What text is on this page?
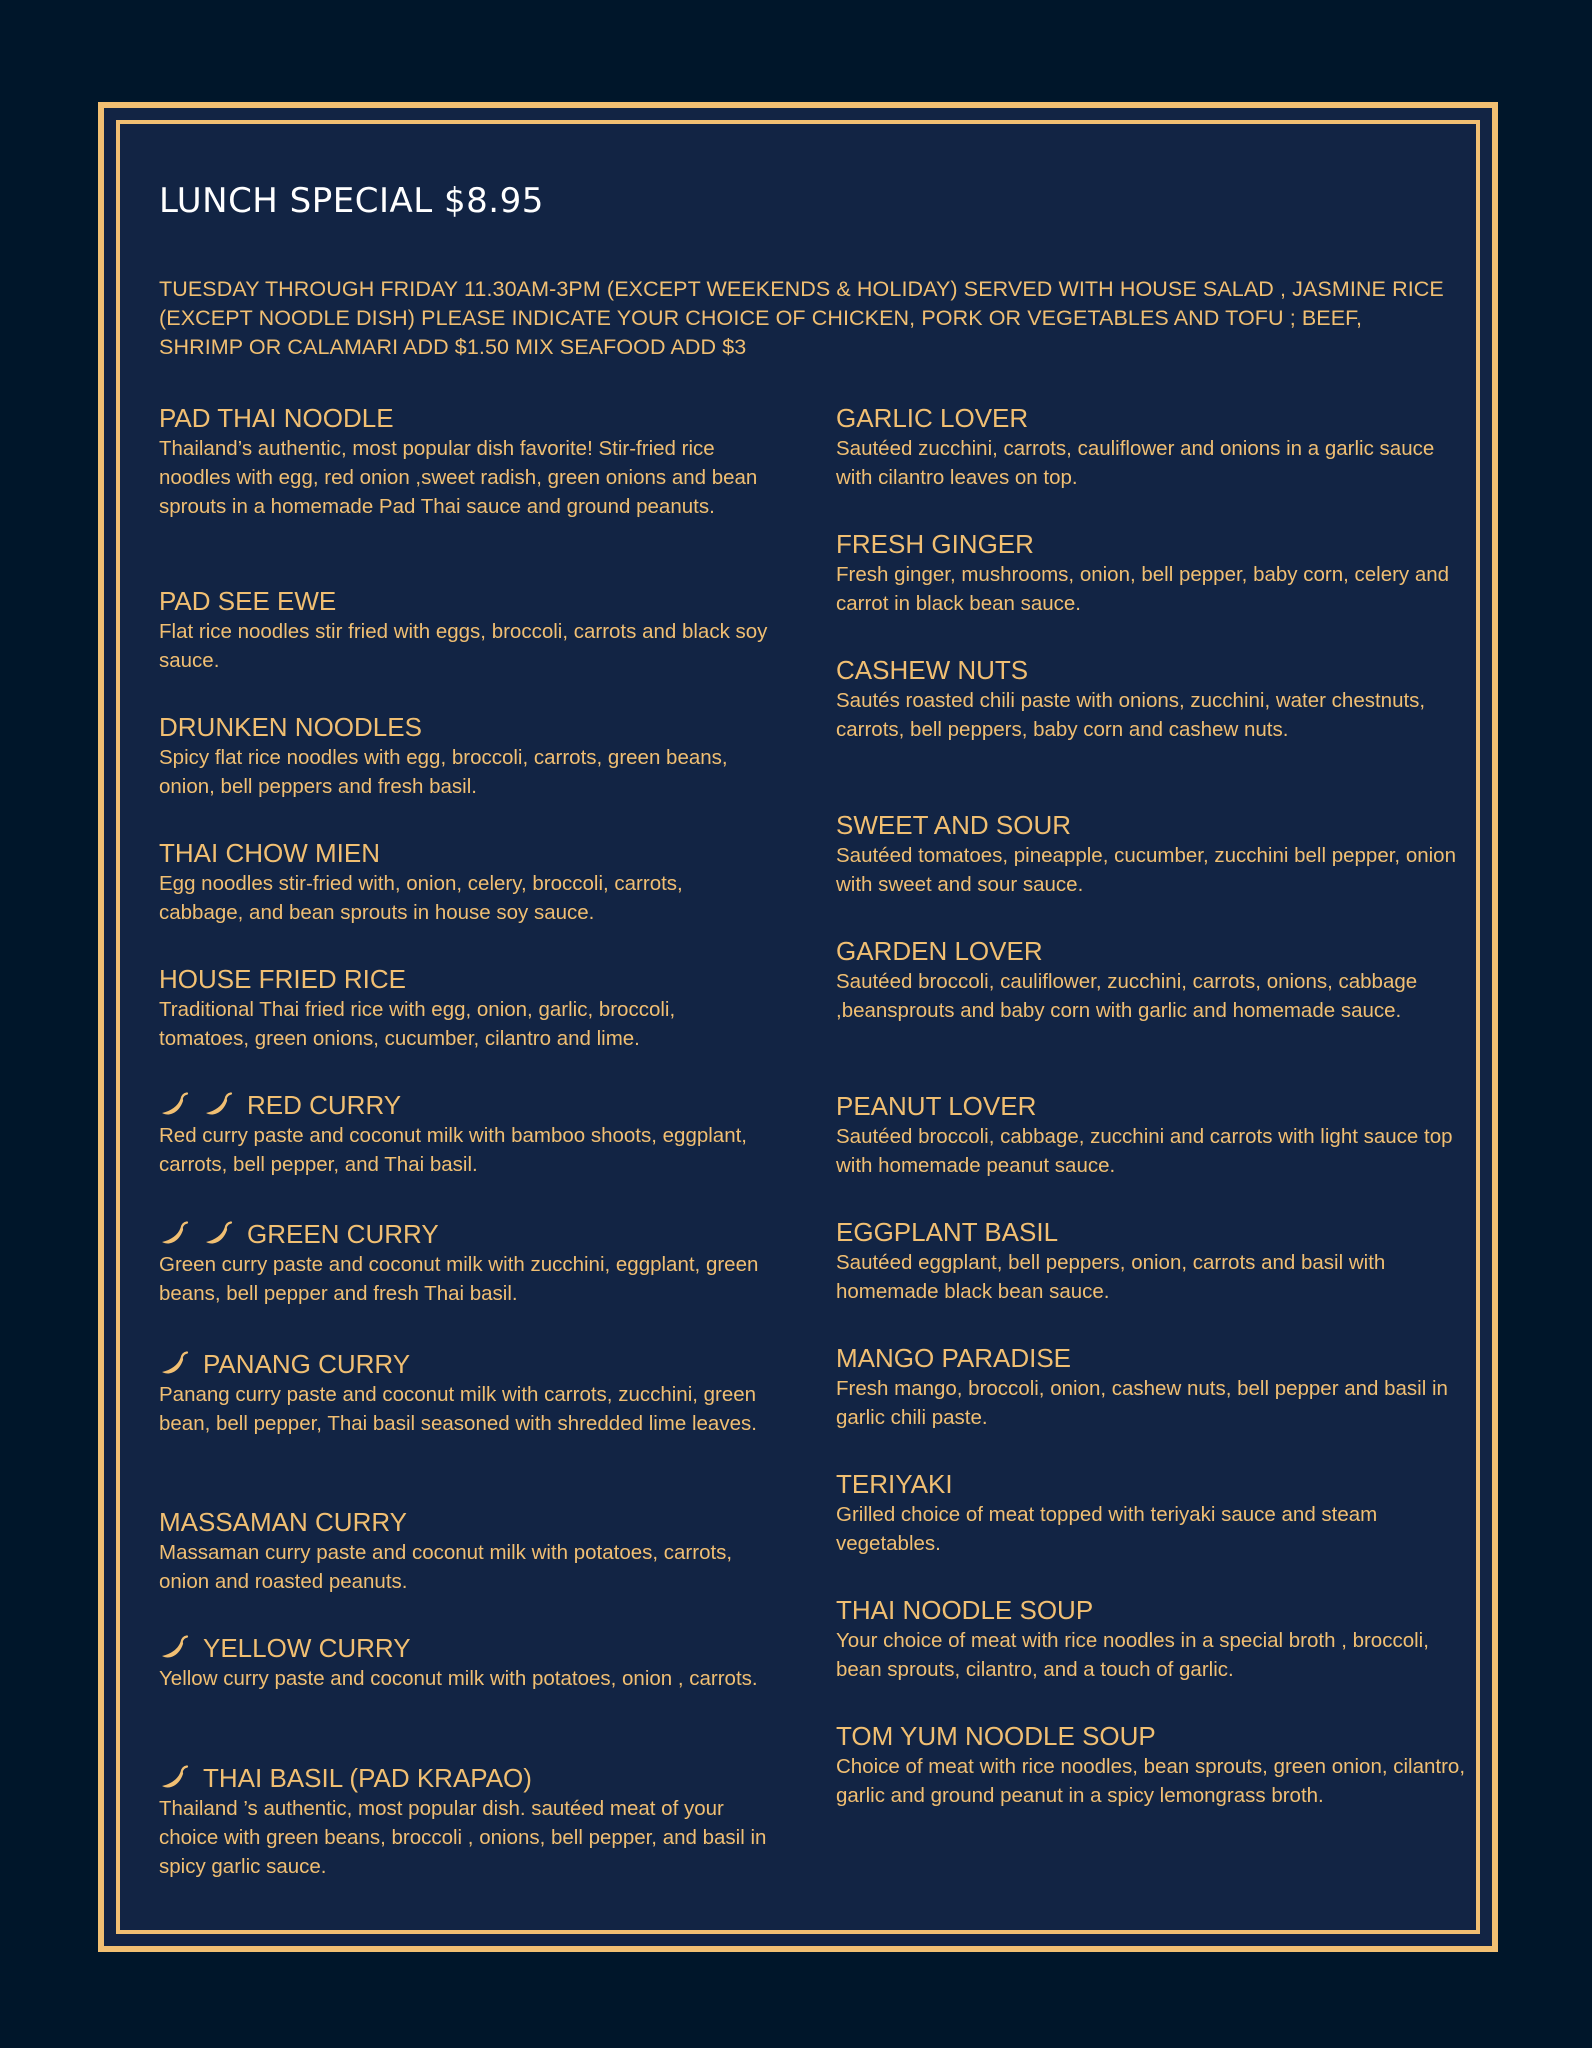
LUNCH SPECIAL $8.95

TUESDAY THROUGH FRIDAY 11.30AM-3PM (EXCEPT WEEKENDS & HOLIDAY) SERVED WITH HOUSE SALAD , JASMINE RICE (EXCEPT NOODLE DISH) PLEASE INDICATE YOUR CHOICE OF CHICKEN, PORK OR VEGETABLES AND TOFU ; BEEF, SHRIMP OR CALAMARI ADD $1.50 MIX SEAFOOD ADD $3

PAD THAI NOODLE
Thailand’s authentic, most popular dish favorite! Stir-fried rice noodles with egg, red onion ,sweet radish, green onions and bean sprouts in a homemade Pad Thai sauce and ground peanuts.
PAD SEE EWE
Flat rice noodles stir fried with eggs, broccoli, carrots and black soy sauce.
DRUNKEN NOODLES
Spicy flat rice noodles with egg, broccoli, carrots, green beans, onion, bell peppers and fresh basil.
THAI CHOW MIEN
Egg noodles stir-fried with, onion, celery, broccoli, carrots, cabbage, and bean sprouts in house soy sauce.
HOUSE FRIED RICE
Traditional Thai fried rice with egg, onion, garlic, broccoli, tomatoes, green onions, cucumber, cilantro and lime.
RED CURRY
Red curry paste and coconut milk with bamboo shoots, eggplant, carrots, bell pepper, and Thai basil.
GREEN CURRY
Green curry paste and coconut milk with zucchini, eggplant, green beans, bell pepper and fresh Thai basil.
PANANG CURRY
Panang curry paste and coconut milk with carrots, zucchini, green bean, bell pepper, Thai basil seasoned with shredded lime leaves.
MASSAMAN CURRY
Massaman curry paste and coconut milk with potatoes, carrots, onion and roasted peanuts.
YELLOW CURRY
Yellow curry paste and coconut milk with potatoes, onion , carrots.
THAI BASIL (PAD KRAPAO)
Thailand ’s authentic, most popular dish. sautéed meat of your choice with green beans, broccoli , onions, bell pepper, and basil in spicy garlic sauce.
GARLIC LOVER
Sautéed zucchini, carrots, cauliflower and onions in a garlic sauce with cilantro leaves on top.
FRESH GINGER
Fresh ginger, mushrooms, onion, bell pepper, baby corn, celery and carrot in black bean sauce.
CASHEW NUTS
Sautés roasted chili paste with onions, zucchini, water chestnuts, carrots, bell peppers, baby corn and cashew nuts.
SWEET AND SOUR
Sautéed tomatoes, pineapple, cucumber, zucchini bell pepper, onion with sweet and sour sauce.
GARDEN LOVER
Sautéed broccoli, cauliflower, zucchini, carrots, onions, cabbage ,beansprouts and baby corn with garlic and homemade sauce.
PEANUT LOVER
Sautéed broccoli, cabbage, zucchini and carrots with light sauce top with homemade peanut sauce.
EGGPLANT BASIL
Sautéed eggplant, bell peppers, onion, carrots and basil with homemade black bean sauce.
MANGO PARADISE
Fresh mango, broccoli, onion, cashew nuts, bell pepper and basil in garlic chili paste.
TERIYAKI
Grilled choice of meat topped with teriyaki sauce and steam vegetables.
THAI NOODLE SOUP
Your choice of meat with rice noodles in a special broth , broccoli, bean sprouts, cilantro, and a touch of garlic.
TOM YUM NOODLE SOUP
Choice of meat with rice noodles, bean sprouts, green onion, cilantro, garlic and ground peanut in a spicy lemongrass broth.
